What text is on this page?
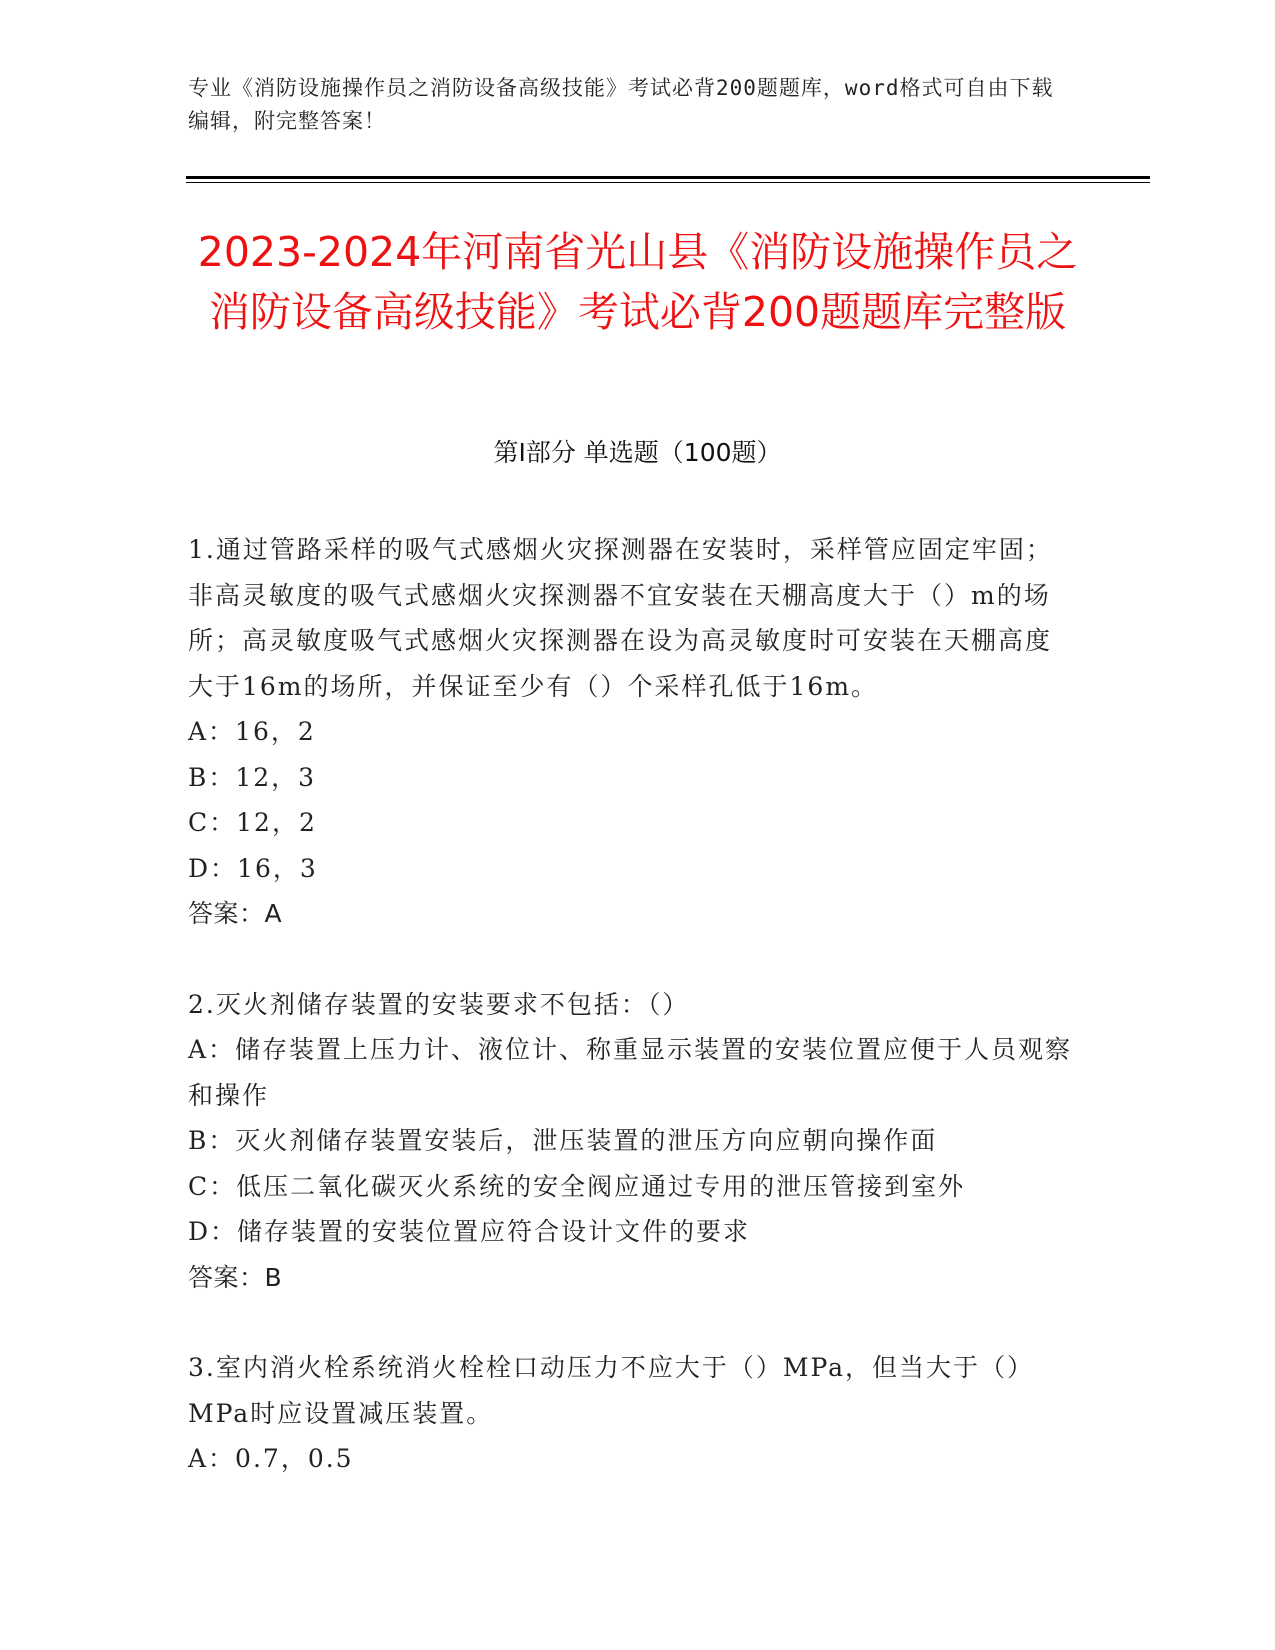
专业《消防设施操作员之消防设备高级技能》考试必背200题题库，word格式可自由下载编辑，附完整答案！
2023-2024年河南省光山县《消防设施操作员之消防设备高级技能》考试必背200题题库完整版
第Ⅰ部分 单选题（100题）

1.通过管路采样的吸气式感烟火灾探测器在安装时，采样管应固定牢固；非高灵敏度的吸气式感烟火灾探测器不宜安装在天棚高度大于（）m的场所；高灵敏度吸气式感烟火灾探测器在设为高灵敏度时可安装在天棚高度大于16m的场所，并保证至少有（）个采样孔低于16m。

A：16，2

B：12，3

C：12，2

D：16，3

答案：A

2.灭火剂储存装置的安装要求不包括：（）

A：储存装置上压力计、液位计、称重显示装置的安装位置应便于人员观察和操作

B：灭火剂储存装置安装后，泄压装置的泄压方向应朝向操作面

C：低压二氧化碳灭火系统的安全阀应通过专用的泄压管接到室外

D：储存装置的安装位置应符合设计文件的要求

答案：B

3.室内消火栓系统消火栓栓口动压力不应大于（）MPa，但当大于（）MPa时应设置减压装置。

A：0.7，0.5
